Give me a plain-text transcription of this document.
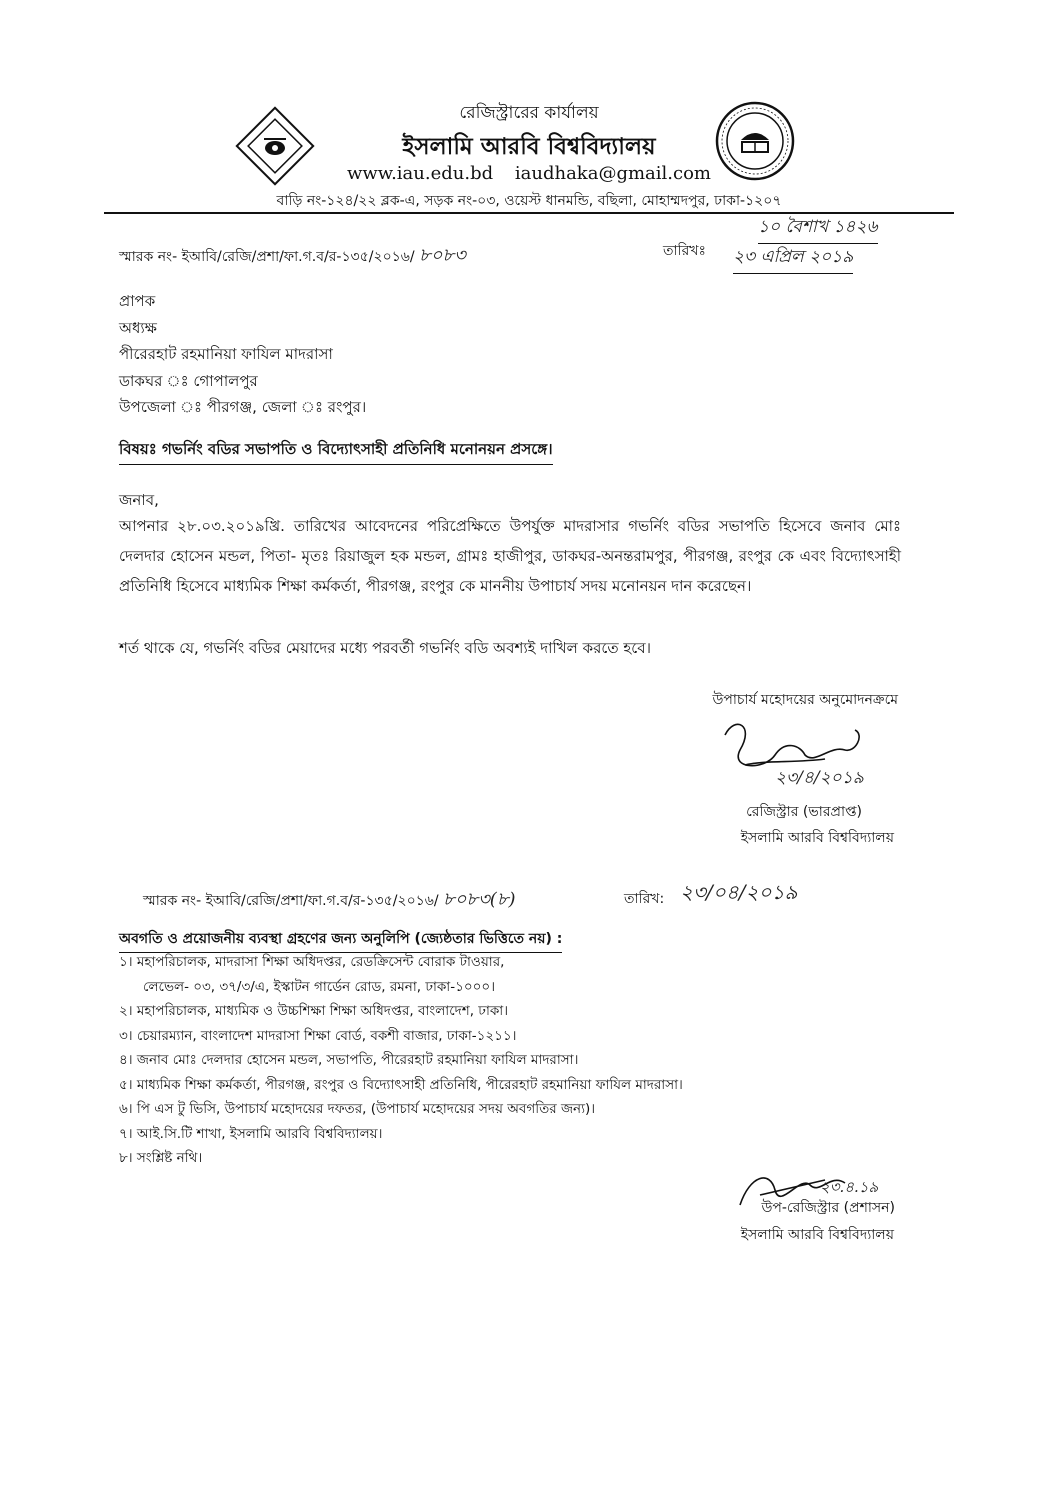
রেজিস্ট্রারের কার্যালয়
ইসলামি আরবি বিশ্ববিদ্যালয়
www.iau.edu.bd iaudhaka@gmail.com
বাড়ি নং-১২৪/২২ ব্লক-এ, সড়ক নং-০৩, ওয়েস্ট ধানমন্ডি, বছিলা, মোহাম্মদপুর, ঢাকা-১২০৭
স্মারক নং- ইআবি/রেজি/প্রশা/ফা.গ.ব/র-১৩৫/২০১৬/ ৮০৮৩	তারিখঃ
১০ বৈশাখ ১৪২৬
২৩ এপ্রিল ২০১৯
প্রাপক
অধ্যক্ষ
পীরেরহাট রহমানিয়া ফাযিল মাদরাসা
ডাকঘর ঃ গোপালপুর
উপজেলা ঃ পীরগঞ্জ, জেলা ঃ রংপুর।
বিষয়ঃ গভর্নিং বডির সভাপতি ও বিদ্যোৎসাহী প্রতিনিধি মনোনয়ন প্রসঙ্গে।
জনাব,
আপনার ২৮.০৩.২০১৯খ্রি. তারিখের আবেদনের পরিপ্রেক্ষিতে উপর্যুক্ত মাদরাসার গভর্নিং বডির সভাপতি হিসেবে জনাব মোঃ দেলদার হোসেন মন্ডল, পিতা- মৃতঃ রিয়াজুল হক মন্ডল, গ্রামঃ হাজীপুর, ডাকঘর-অনন্তরামপুর, পীরগঞ্জ, রংপুর কে এবং বিদ্যোৎসাহী প্রতিনিধি হিসেবে মাধ্যমিক শিক্ষা কর্মকর্তা, পীরগঞ্জ, রংপুর কে মাননীয় উপাচার্য সদয় মনোনয়ন দান করেছেন।
শর্ত থাকে যে, গভর্নিং বডির মেয়াদের মধ্যে পরবর্তী গভর্নিং বডি অবশ্যই দাখিল করতে হবে।
উপাচার্য মহোদয়ের অনুমোদনক্রমে
২৩/৪/২০১৯
রেজিস্ট্রার (ভারপ্রাপ্ত)
ইসলামি আরবি বিশ্ববিদ্যালয়
স্মারক নং- ইআবি/রেজি/প্রশা/ফা.গ.ব/র-১৩৫/২০১৬/ ৮০৮৩(৮)	তারিখ: ২৩/০৪/২০১৯
অবগতি ও প্রয়োজনীয় ব্যবস্থা গ্রহণের জন্য অনুলিপি (জ্যেষ্ঠতার ভিত্তিতে নয়) :
১। মহাপরিচালক, মাদরাসা শিক্ষা অধিদপ্তর, রেডক্রিসেন্ট বোরাক টাওয়ার,
লেভেল- ০৩, ৩৭/৩/এ, ইস্কাটন গার্ডেন রোড, রমনা, ঢাকা-১০০০।
২। মহাপরিচালক, মাধ্যমিক ও উচ্চশিক্ষা শিক্ষা অধিদপ্তর, বাংলাদেশ, ঢাকা।
৩। চেয়ারম্যান, বাংলাদেশ মাদরাসা শিক্ষা বোর্ড, বকশী বাজার, ঢাকা-১২১১।
৪। জনাব মোঃ দেলদার হোসেন মন্ডল, সভাপতি, পীরেরহাট রহমানিয়া ফাযিল মাদরাসা।
৫। মাধ্যমিক শিক্ষা কর্মকর্তা, পীরগঞ্জ, রংপুর ও বিদ্যোৎসাহী প্রতিনিধি, পীরেরহাট রহমানিয়া ফাযিল মাদরাসা।
৬। পি এস টু ভিসি, উপাচার্য মহোদয়ের দফতর, (উপাচার্য মহোদয়ের সদয় অবগতির জন্য)।
৭। আই.সি.টি শাখা, ইসলামি আরবি বিশ্ববিদ্যালয়।
৮। সংশ্লিষ্ট নথি।
২৩.৪.১৯
উপ-রেজিস্ট্রার (প্রশাসন)
ইসলামি আরবি বিশ্ববিদ্যালয়
